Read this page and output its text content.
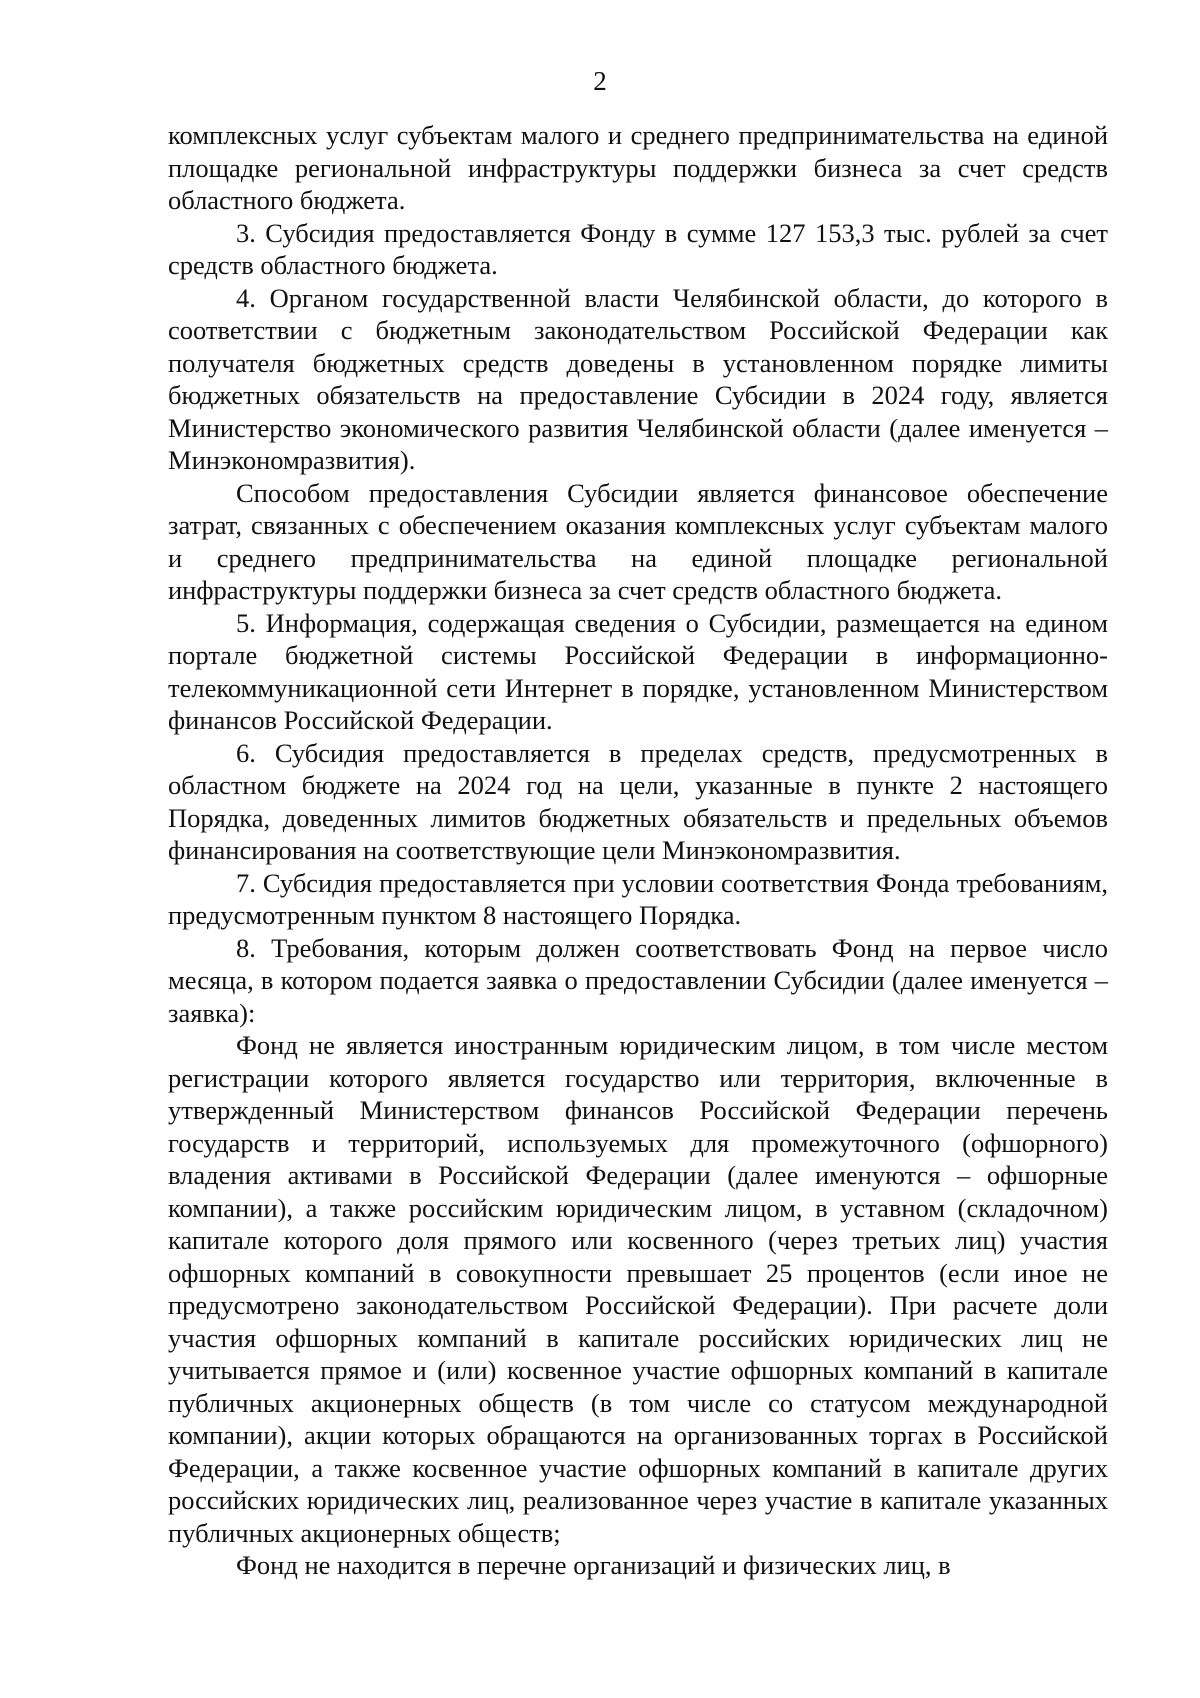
2

комплексных услуг субъектам малого и среднего предпринимательства на единой площадке региональной инфраструктуры поддержки бизнеса за счет средств областного бюджета.

3. Субсидия предоставляется Фонду в сумме 127 153,3 тыс. рублей за счет средств областного бюджета.

4. Органом государственной власти Челябинской области, до которого в соответствии с бюджетным законодательством Российской Федерации как получателя бюджетных средств доведены в установленном порядке лимиты бюджетных обязательств на предоставление Субсидии в 2024 году, является Министерство экономического развития Челябинской области (далее именуется – Минэкономразвития).

Способом предоставления Субсидии является финансовое обеспечение затрат, связанных с обеспечением оказания комплексных услуг субъектам малого и среднего предпринимательства на единой площадке региональной инфраструктуры поддержки бизнеса за счет средств областного бюджета.

5. Информация, содержащая сведения о Субсидии, размещается на едином портале бюджетной системы Российской Федерации в информационно-телекоммуникационной сети Интернет в порядке, установленном Министерством финансов Российской Федерации.

6. Субсидия предоставляется в пределах средств, предусмотренных в областном бюджете на 2024 год на цели, указанные в пункте 2 настоящего Порядка, доведенных лимитов бюджетных обязательств и предельных объемов финансирования на соответствующие цели Минэкономразвития.

7. Субсидия предоставляется при условии соответствия Фонда требованиям, предусмотренным пунктом 8 настоящего Порядка.

8. Требования, которым должен соответствовать Фонд на первое число месяца, в котором подается заявка о предоставлении Субсидии (далее именуется – заявка):

Фонд не является иностранным юридическим лицом, в том числе местом регистрации которого является государство или территория, включенные в утвержденный Министерством финансов Российской Федерации перечень государств и территорий, используемых для промежуточного (офшорного) владения активами в Российской Федерации (далее именуются – офшорные компании), а также российским юридическим лицом, в уставном (складочном) капитале которого доля прямого или косвенного (через третьих лиц) участия офшорных компаний в совокупности превышает 25 процентов (если иное не предусмотрено законодательством Российской Федерации). При расчете доли участия офшорных компаний в капитале российских юридических лиц не учитывается прямое и (или) косвенное участие офшорных компаний в капитале публичных акционерных обществ (в том числе со статусом международной компании), акции которых обращаются на организованных торгах в Российской Федерации, а также косвенное участие офшорных компаний в капитале других российских юридических лиц, реализованное через участие в капитале указанных публичных акционерных обществ;

Фонд не находится в перечне организаций и физических лиц, в
